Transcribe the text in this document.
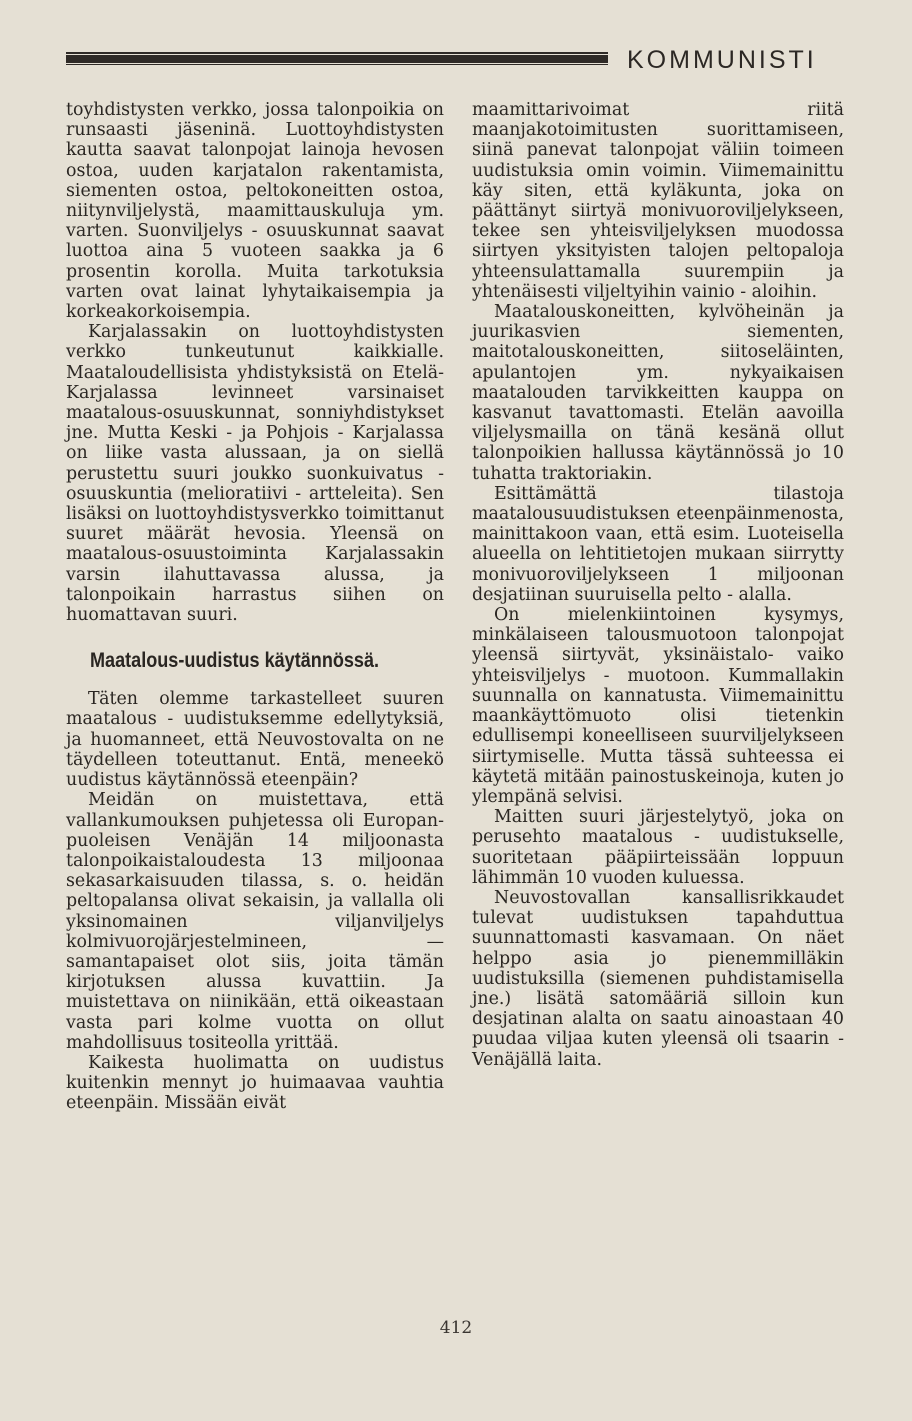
KOMMUNISTI

toyhdistysten verkko, jossa talonpoikia on runsaasti jäseninä. Luottoyhdistysten kautta saavat talonpojat lainoja hevosen ostoa, uuden karjatalon rakentamista, siementen ostoa, peltokoneitten ostoa, niitynviljelystä, maamittauskuluja ym. varten. Suonviljelys - osuuskunnat saavat luottoa aina 5 vuoteen saakka ja 6 prosentin korolla. Muita tarkotuksia varten ovat lainat lyhytaikaisempia ja korkeakorkoisempia.

Karjalassakin on luottoyhdistysten verkko tunkeutunut kaikkialle. Maataloudellisista yhdistyksistä on Etelä-Karjalassa levinneet varsinaiset maatalous-osuuskunnat, sonniyhdistykset jne. Mutta Keski - ja Pohjois - Karjalassa on liike vasta alussaan, ja on siellä perustettu suuri joukko suonkuivatus - osuuskuntia (melioratiivi - artteleita). Sen lisäksi on luottoyhdistysverkko toimittanut suuret määrät hevosia. Yleensä on maatalous-osuustoiminta Karjalassakin varsin ilahuttavassa alussa, ja talonpoikain harrastus siihen on huomattavan suuri.

Maatalous-uudistus käytännössä.

Täten olemme tarkastelleet suuren maatalous - uudistuksemme edellytyksiä, ja huomanneet, että Neuvostovalta on ne täydelleen toteuttanut. Entä, meneekö uudistus käytännössä eteenpäin?

Meidän on muistettava, että vallankumouksen puhjetessa oli Europan-puoleisen Venäjän 14 miljoonasta talonpoikaistaloudesta 13 miljoonaa sekasarkaisuuden tilassa, s. o. heidän peltopalansa olivat sekaisin, ja vallalla oli yksinomainen viljanviljelys kolmivuorojärjestelmineen, — samantapaiset olot siis, joita tämän kirjotuksen alussa kuvattiin. Ja muistettava on niinikään, että oikeastaan vasta pari kolme vuotta on ollut mahdollisuus tositeolla yrittää.

Kaikesta huolimatta on uudistus kuitenkin mennyt jo huimaavaa vauhtia eteenpäin. Missään eivät

maamittarivoimat riitä maanjakotoimitusten suorittamiseen, siinä panevat talonpojat väliin toimeen uudistuksia omin voimin. Viimemainittu käy siten, että kyläkunta, joka on päättänyt siirtyä monivuoroviljelykseen, tekee sen yhteisviljelyksen muodossa siirtyen yksityisten talojen peltopaloja yhteensulattamalla suurempiin ja yhtenäisesti viljeltyihin vainio - aloihin.

Maatalouskoneitten, kylvöheinän ja juurikasvien siementen, maitotalouskoneitten, siitoseläinten, apulantojen ym. nykyaikaisen maatalouden tarvikkeitten kauppa on kasvanut tavattomasti. Etelän aavoilla viljelysmailla on tänä kesänä ollut talonpoikien hallussa käytännössä jo 10 tuhatta traktoriakin.

Esittämättä tilastoja maatalousuudistuksen eteenpäinmenosta, mainittakoon vaan, että esim. Luoteisella alueella on lehtitietojen mukaan siirrytty monivuoroviljelykseen 1 miljoonan desjatiinan suuruisella pelto - alalla.

On mielenkiintoinen kysymys, minkälaiseen talousmuotoon talonpojat yleensä siirtyvät, yksinäistalo- vaiko yhteisviljelys - muotoon. Kummallakin suunnalla on kannatusta. Viimemainittu maankäyttömuoto olisi tietenkin edullisempi koneelliseen suurviljelykseen siirtymiselle. Mutta tässä suhteessa ei käytetä mitään painostuskeinoja, kuten jo ylempänä selvisi.

Maitten suuri järjestelytyö, joka on perusehto maatalous - uudistukselle, suoritetaan pääpiirteissään loppuun lähimmän 10 vuoden kuluessa.

Neuvostovallan kansallisrikkaudet tulevat uudistuksen tapahduttua suunnattomasti kasvamaan. On näet helppo asia jo pienemmilläkin uudistuksilla (siemenen puhdistamisella jne.) lisätä satomääriä silloin kun desjatinan alalta on saatu ainoastaan 40 puudaa viljaa kuten yleensä oli tsaarin - Venäjällä laita.

412
